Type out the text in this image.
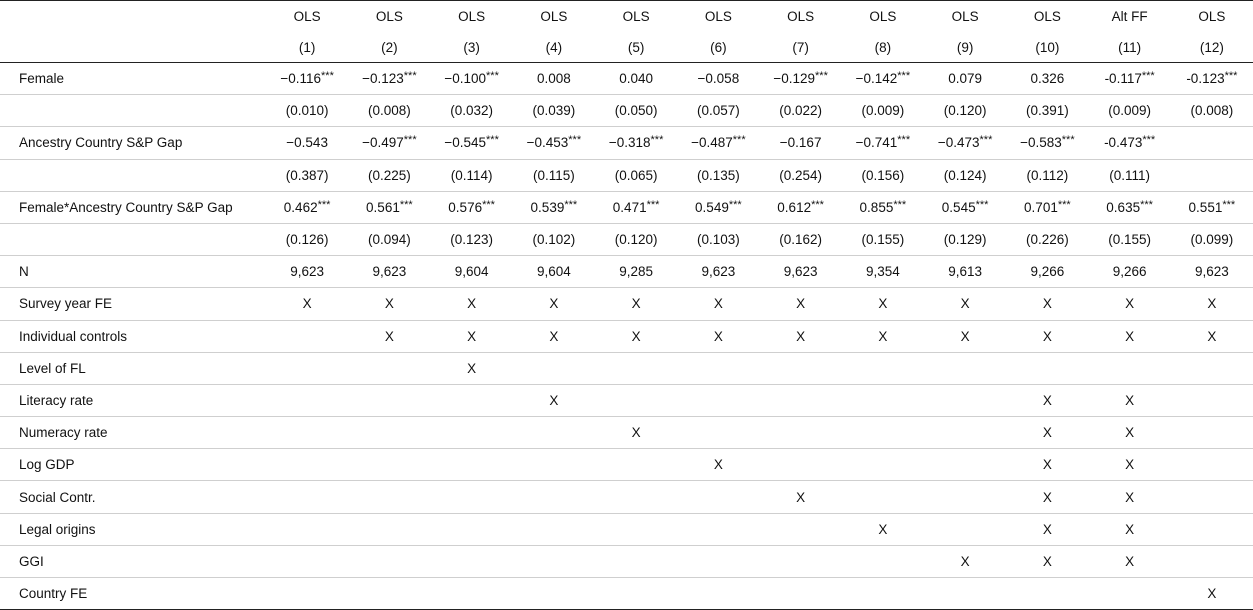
	OLS	OLS	OLS	OLS	OLS	OLS	OLS	OLS	OLS	OLS	Alt FF	OLS
	(1)	(2)	(3)	(4)	(5)	(6)	(7)	(8)	(9)	(10)	(11)	(12)
Female	−0.116***	−0.123***	−0.100***	0.008	0.040	−0.058	−0.129***	−0.142***	0.079	0.326	-0.117***	-0.123***
	(0.010)	(0.008)	(0.032)	(0.039)	(0.050)	(0.057)	(0.022)	(0.009)	(0.120)	(0.391)	(0.009)	(0.008)
Ancestry Country S&P Gap	−0.543	−0.497***	−0.545***	−0.453***	−0.318***	−0.487***	−0.167	−0.741***	−0.473***	−0.583***	-0.473***	
	(0.387)	(0.225)	(0.114)	(0.115)	(0.065)	(0.135)	(0.254)	(0.156)	(0.124)	(0.112)	(0.111)	
Female*Ancestry Country S&P Gap	0.462***	0.561***	0.576***	0.539***	0.471***	0.549***	0.612***	0.855***	0.545***	0.701***	0.635***	0.551***
	(0.126)	(0.094)	(0.123)	(0.102)	(0.120)	(0.103)	(0.162)	(0.155)	(0.129)	(0.226)	(0.155)	(0.099)
N	9,623	9,623	9,604	9,604	9,285	9,623	9,623	9,354	9,613	9,266	9,266	9,623
Survey year FE	X	X	X	X	X	X	X	X	X	X	X	X
Individual controls		X	X	X	X	X	X	X	X	X	X	X
Level of FL			X									
Literacy rate				X						X	X	
Numeracy rate					X					X	X	
Log GDP						X				X	X	
Social Contr.							X			X	X	
Legal origins								X		X	X	
GGI									X	X	X	
Country FE												X
